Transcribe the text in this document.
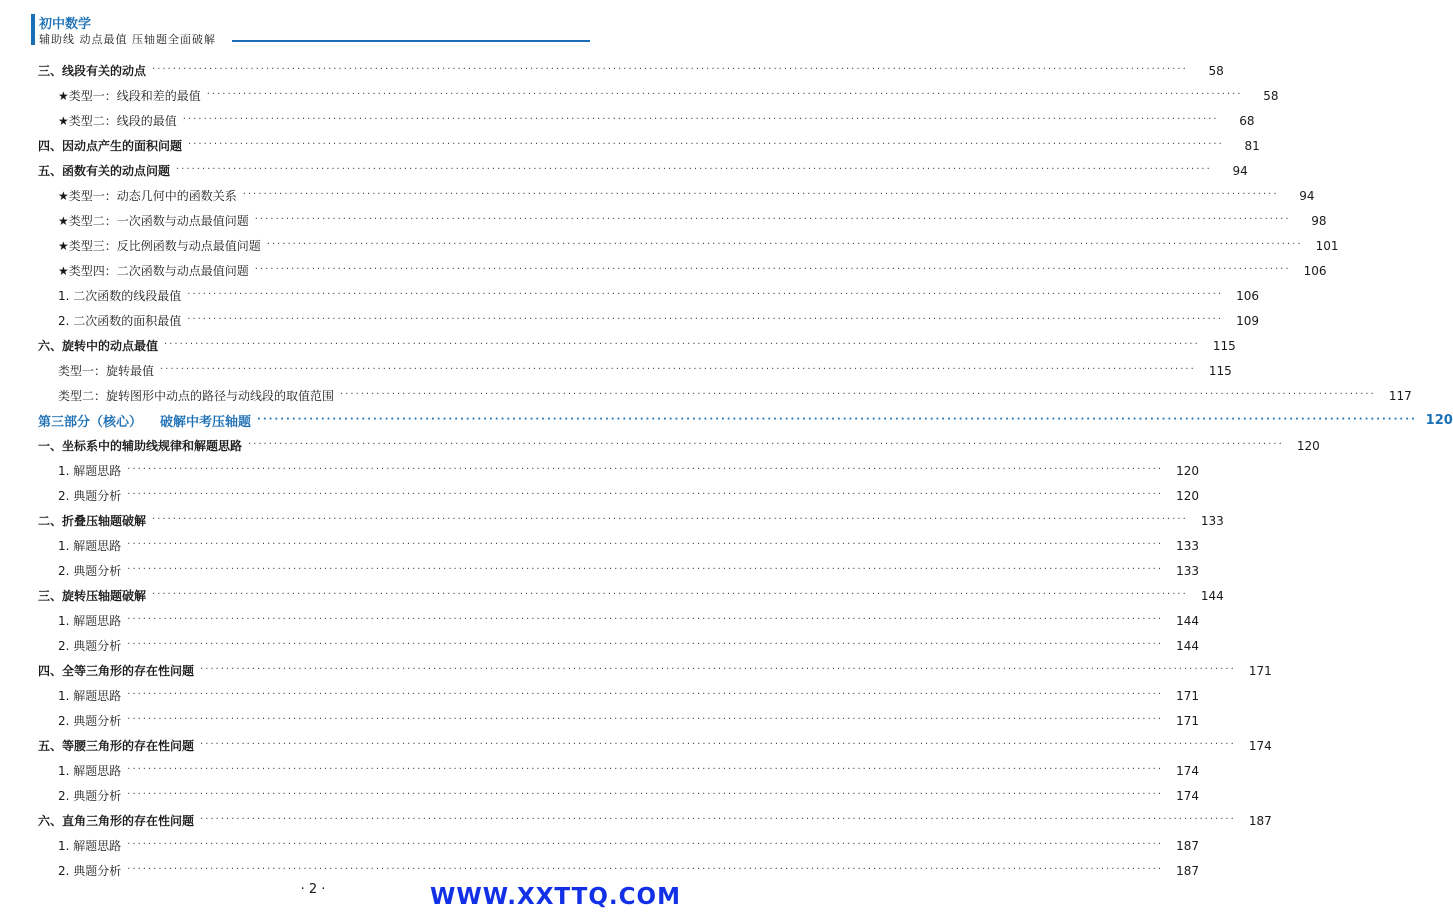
初中数学
辅助线 动点最值 压轴题全面破解
三、线段有关的动点 ········································································································································································································	58
★类型一：线段和差的最值 ········································································································································································································	58
★类型二：线段的最值 ········································································································································································································	68
四、因动点产生的面积问题 ········································································································································································································	81
五、函数有关的动点问题 ········································································································································································································	94
★类型一：动态几何中的函数关系 ········································································································································································································	94
★类型二：一次函数与动点最值问题 ········································································································································································································	98
★类型三：反比例函数与动点最值问题 ········································································································································································································	101
★类型四：二次函数与动点最值问题 ········································································································································································································	106
1. 二次函数的线段最值 ········································································································································································································	106
2. 二次函数的面积最值 ········································································································································································································	109
六、旋转中的动点最值 ········································································································································································································	115
类型一：旋转最值 ········································································································································································································	115
类型二：旋转图形中动点的路径与动线段的取值范围 ········································································································································································································	117
第三部分（核心） 破解中考压轴题 ········································································································································································································ 120
一、坐标系中的辅助线规律和解题思路 ········································································································································································································	120
1. 解题思路 ········································································································································································································	120
2. 典题分析 ········································································································································································································	120
二、折叠压轴题破解 ········································································································································································································	133
1. 解题思路 ········································································································································································································	133
2. 典题分析 ········································································································································································································	133
三、旋转压轴题破解 ········································································································································································································	144
1. 解题思路 ········································································································································································································	144
2. 典题分析 ········································································································································································································	144
四、全等三角形的存在性问题 ········································································································································································································	171
1. 解题思路 ········································································································································································································	171
2. 典题分析 ········································································································································································································	171
五、等腰三角形的存在性问题 ········································································································································································································	174
1. 解题思路 ········································································································································································································	174
2. 典题分析 ········································································································································································································	174
六、直角三角形的存在性问题 ········································································································································································································	187
1. 解题思路 ········································································································································································································	187
2. 典题分析 ········································································································································································································	187
· 2 ·	WWW.XXTTQ.COM
